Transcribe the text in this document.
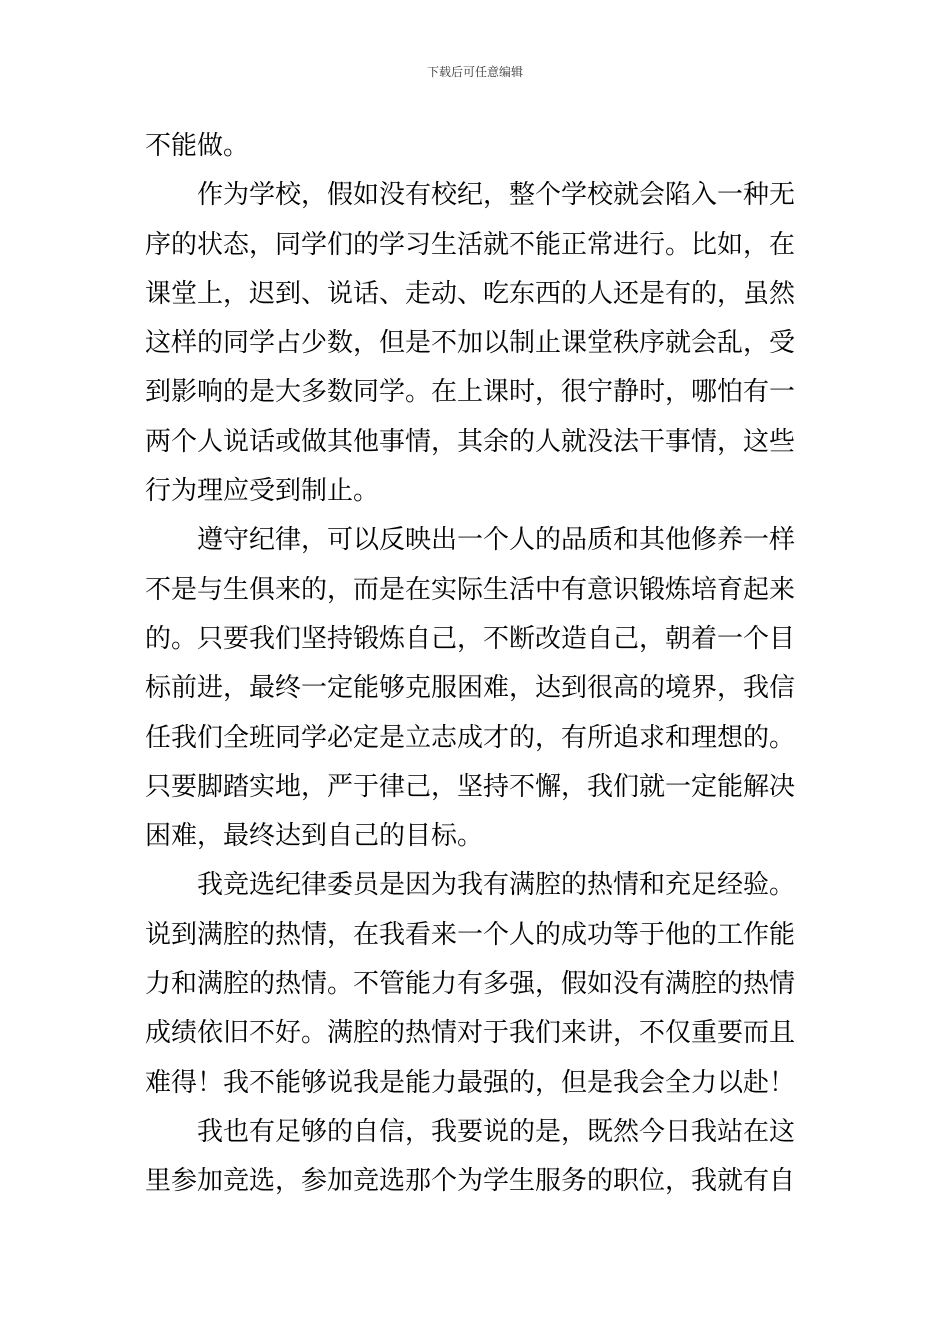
下载后可任意编辑
不能做。
作为学校，假如没有校纪，整个学校就会陷入一种无
序的状态，同学们的学习生活就不能正常进行。比如，在
课堂上，迟到、说话、走动、吃东西的人还是有的，虽然
这样的同学占少数，但是不加以制止课堂秩序就会乱，受
到影响的是大多数同学。在上课时，很宁静时，哪怕有一
两个人说话或做其他事情，其余的人就没法干事情，这些
行为理应受到制止。
遵守纪律，可以反映出一个人的品质和其他修养一样
不是与生俱来的，而是在实际生活中有意识锻炼培育起来
的。只要我们坚持锻炼自己，不断改造自己，朝着一个目
标前进，最终一定能够克服困难，达到很高的境界，我信
任我们全班同学必定是立志成才的，有所追求和理想的。
只要脚踏实地，严于律己，坚持不懈，我们就一定能解决
困难，最终达到自己的目标。
我竞选纪律委员是因为我有满腔的热情和充足经验。
说到满腔的热情，在我看来一个人的成功等于他的工作能
力和满腔的热情。不管能力有多强，假如没有满腔的热情
成绩依旧不好。满腔的热情对于我们来讲，不仅重要而且
难得！我不能够说我是能力最强的，但是我会全力以赴！
我也有足够的自信，我要说的是，既然今日我站在这
里参加竞选，参加竞选那个为学生服务的职位，我就有自
